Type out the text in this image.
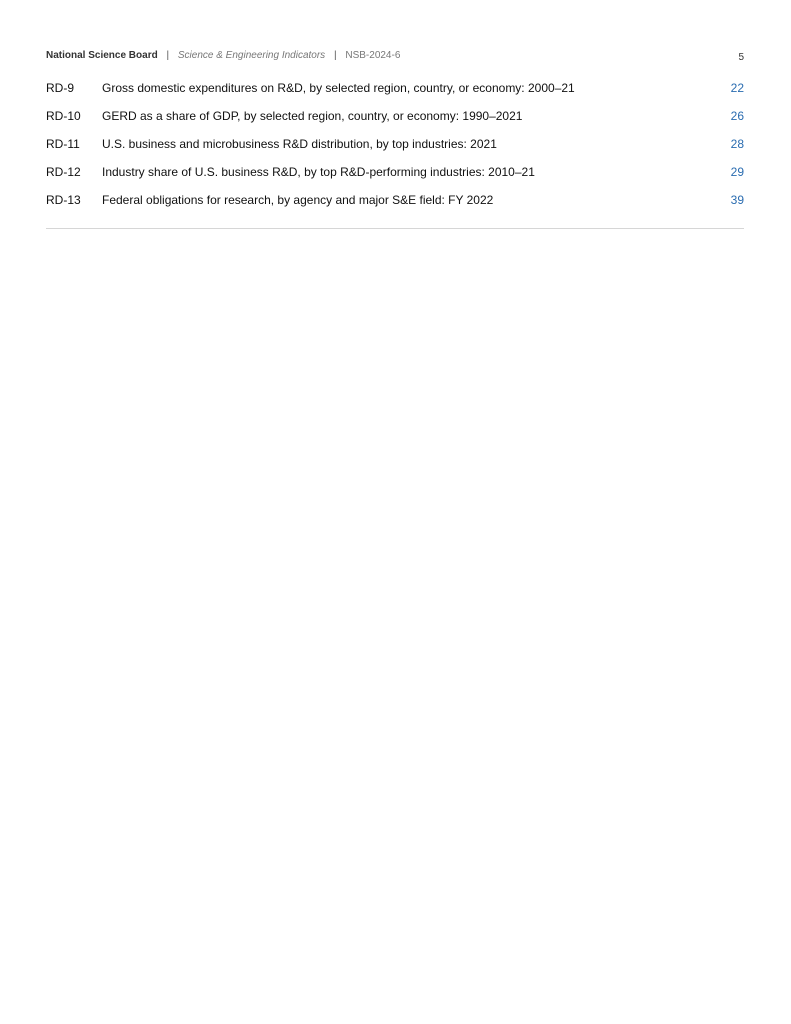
National Science Board | Science & Engineering Indicators | NSB-2024-6	5
RD-9 Gross domestic expenditures on R&D, by selected region, country, or economy: 2000–21	22
RD-10 GERD as a share of GDP, by selected region, country, or economy: 1990–2021	26
RD-11 U.S. business and microbusiness R&D distribution, by top industries: 2021	28
RD-12 Industry share of U.S. business R&D, by top R&D-performing industries: 2010–21	29
RD-13 Federal obligations for research, by agency and major S&E field: FY 2022	39
